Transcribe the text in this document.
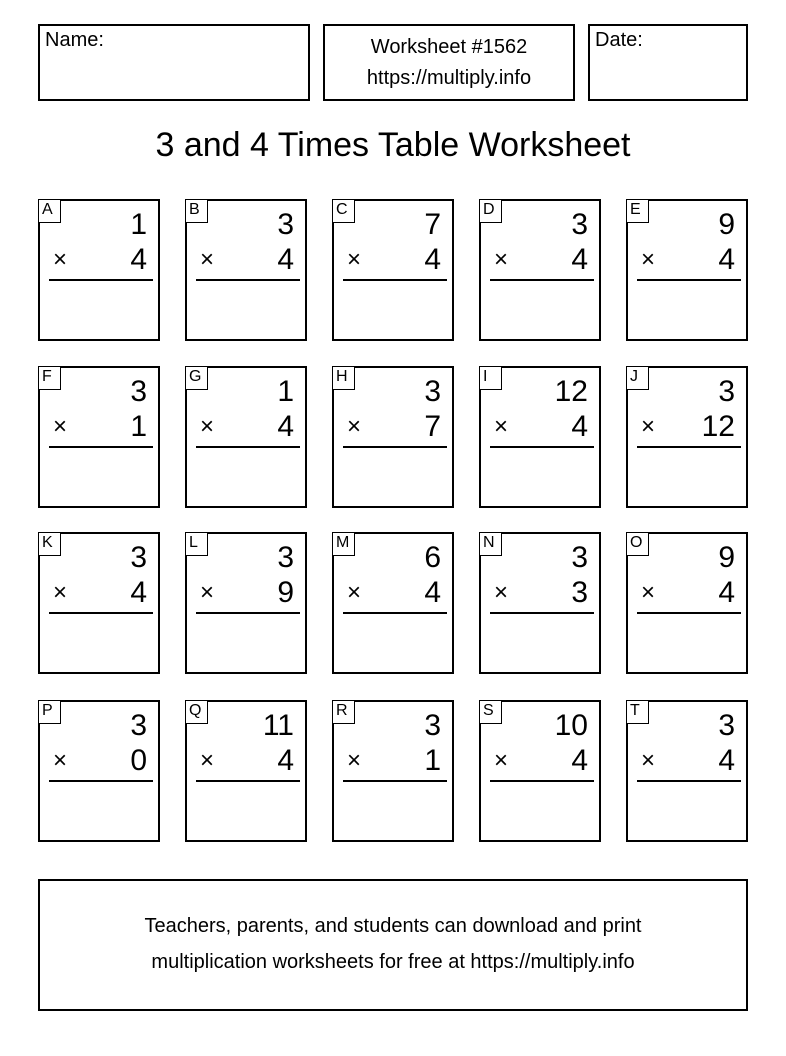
Name:	Worksheet #1562
https://multiply.info
Date:
3 and 4 Times Table Worksheet
A	1
× 4
B	3
× 4
C	7
× 4
D	3
× 4
E	9
× 4
F	3
× 1
G	1
× 4
H	3
× 7
I	12
× 4
J	3
× 12
K	3
× 4
L	3
× 9
M 6
× 4
N	3
× 3
O	9
× 4
P	3
× 0
Q 11
× 4
R	3
× 1
S 10
× 4
T	3
× 4
Teachers, parents, and students can download and print
multiplication worksheets for free at https://multiply.info
